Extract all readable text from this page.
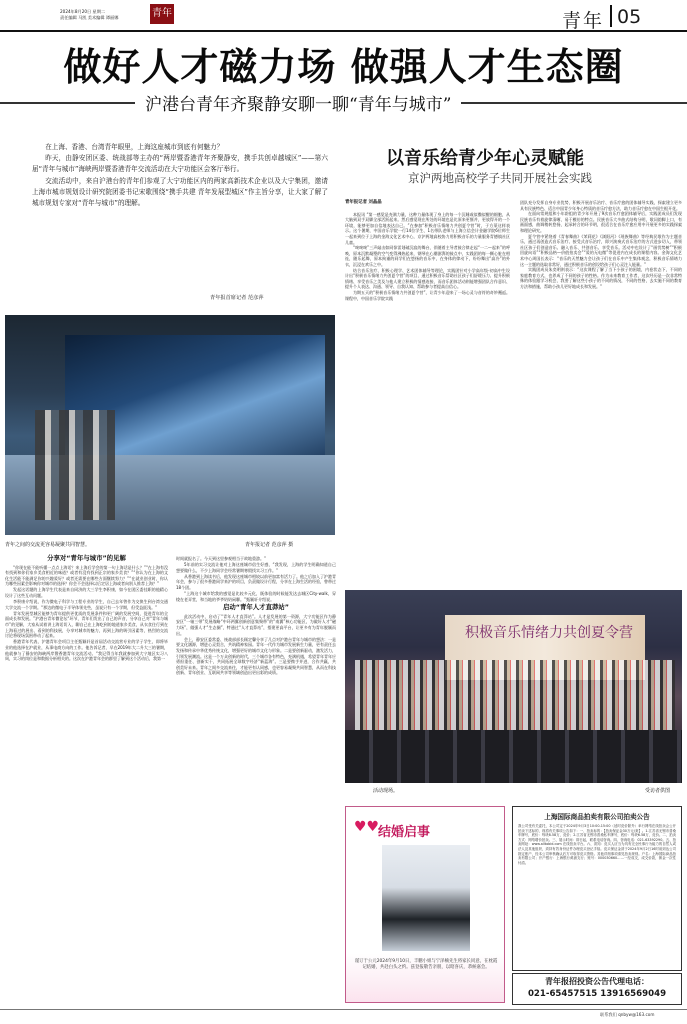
2024年8月20日 星期二
责任编辑 马凯 美术编辑 谭丽娜	青年	青年 05
做好人才磁力场 做强人才生态圈
沪港台青年齐聚静安聊一聊“青年与城市”

在上海、香港、台湾青年眼里，上海这座城市到底有何魅力？

昨天，由静安团区委、统战部等主办的“两岸暨香港青年齐聚静安，携手共创卓越城区”——第六届“青年与城市”海峡两岸暨香港青年交流活动在大宁功能区会客厅举行。

交流活动中，来自沪港台的青年们参观了大宁功能区内的两家高新技术企业以及大宁集团，邀请上海市城市规划设计研究院团委书记宋歌围绕“携手共建 青年发展型城区”作主旨分享，让大家了解了城市规划专家对“青年与城市”的理解。

青年报首席记者 范彦萍
青年之间的交流更容易凝聚共同智慧。	青年报记者 范彦萍 摄
分享对“青年与城市”的见解

“你现在能不能听懂一点点上海话？来上海后学会的第一句上海话是什么？”“在上海有没有找到和你们家乡美食相近的味道？或者有没有找到正宗的家乡美食？”“你认为在上海的文化生活能不能满足你的兴趣爱好？或者还需要在哪些方面继续努力？”“在就业创业时，你认为哪些因素会影响你对城市的选择？你会不会选择以后定居上海或者向别人推荐上海？”

发起这话题的上海学生代表是来自同济的大三学生李积康，如今在团区委挂职的他精心设计了这些互动问题。

李积康介绍说，作为微电子科学与工程专业的学生，自己去年曾作为交换生到台湾交通大学交流一个学期。“那边的微电子半导体领先些，虽说只有一个学期，但受益匪浅。”

青年发展型城区能够为青年提供更优质的发展条件和更广阔的发展空间，促进青年的全面成长和发展。”沪港台青年微论坛“环节，青年们发出了自己的声音，分享自己对“青年与城市”的见解，大家从试着讲上海话切入，聊自己在上海吃到的地道家乡美食，从衣食住行到在上海看过的展出、看到的科技展，分享对城市的魅力，再到上海的吸引因素等，热烈的交流讨论将现场氛围带动了起来。

香港青年代表、沪港青年会项目主任甄颖轩是首届活动交流营专业的学子学生，即将毕业的他选择在沪就业，从事电商方向的工作。他告诉记者，早在2019年大二升大三的暑期，他就参与了静安的海峡两岸暨香港青年交流活动。“我记得当年我就参加到大宁地区实习八周，实习的岗位是和数据分析相关的。这次在沪港青年会的群里了解到这个活动后，我第一

时间就报名了。今天到这里参观相当于故地重游。”

5年前的实习交流让他对上海这座城市倍生好感，“我发现，上海的学生明确知道自己想要做什么，不少上海同学会经常暑期寒假找实习工作。”

从香港到上海读书后，他发现这座城市相较以前更加富有活力了。他之后加入了沪港青年会，参与了很多香港同学来沪的项目，负责做设计行程，分享在上海生活的经验，曾带过18个团。

“上海这个城市给我的感觉是比较多元化，既体验的时候能发达去城区City-walk，穿梭在老弄堂，和当地的爷爷奶奶闲聊。”甄颖轩介绍说。

启动“青年人才直莽站”

此次活动中，启动了“青年人才直莽站”。人才是发展的第一资源，大宁功能区作为静安区“一轴三带”发展战略“中环两翼创新创意集聚带”的“南翼”核心功能区，为做好人才“磁力场”，做强人才“生态圈”，特通过“人才直莽站”，搭建更高平台，让更多有为青年脱颖而出。

会上，静安区委常委、统战部部长顾定馨分享了几点对沪港台青年与城市的想法：一是要文化涵源，增进心灵契合，共筑精神家园。青年一代作为城市发展新生力量，更有责任去发扬和传承中华优秀传统文化，增强更好的城市文化与形象。二是要创新驱动，激发活力，引领发展潮流。这是一个万众创新的时代，三个城市各有特色，充满机遇，希望青年青年应勇担重任、创新实干，共同拓展全球数字经济“新蓝海”。三是要携手并进，合作共赢，共创美好未来。青年之间多交流来往，才能更有认同感，也更容易凝聚共同智慧，从而在科技创新、青年创业、互联网共享等领域创造出更出彩的成绩。

以音乐给青少年心灵赋能
京沪两地高校学子共同开展社会实践
青年报记者 刘晶晶

本报讯 “第一感觉是充满力量，这种力量体现了身上的每一个沉睡或似撒似醒的细胞，从大脑到双手双脚全部活跃起来。然后感觉现在所处的环境也是比原来更惬并，更放得开的一个环境，能够更加自信地表达自己。”在参加“积极音乐情绪力共创夏令营”时，于方莱这样表示。这个暑期，中国音乐学院一行14位学生、1名带队老师与上海立信会计金融学院6位师生一起来到位于上海的金海文化艺术中心，京沪两地高校协力用积极音乐的力量服务青德镇社区儿童。

“咚咚咚”三声敲击如同惊雷划破沉寂的舞台，伴随着主导者鼓合律走起“一二—起来”的呼唤，原本沉默凝塑的空气变得沸热起来，钢琴在心潮澎湃的鼓点中，实践团的每一颗心脏在相连，随乐起舞，原本拘谨的同学们在悠扬的音乐中，在身体的律动下，纷纷舞出“高冷”的外衣，沉浸在欢乐之中。

结合音乐治疗、积极心理学、艺术团体辅导等理论，实践团针对小学高年级-初高中生设计出“积极音乐情绪力共创夏令营”的项目，通过积极音乐帮助社区孩子们舒缓压力、提升积极情绪、享受音乐之美及与他人建立积极的情感连接，而音乐团体活动则能增强团队合作意识、提升个人表达、沟通、领导、自我认知、帮助参与者提高自信心。

为期五天的“积极音乐情绪力共创夏令营”，让青少年迎来了一场心灵与音符的奇妙邂逅。课程中，中国音乐学院实践

团队充分发挥自身专业优势，积极开展音乐治疗、音乐疗愈的团体辅导实践，探索建立更多具有民族特色、适合中国青少年身心特质的音乐疗愈方法，助力音乐疗愈在中国生根开花。

在面向常规组和小年龄组的青少年开展了9次音乐疗愈团体辅导后，实践团成员们发现民族音乐有着旋律清晰、易于模仿的特点。民族音乐大多曲式结构分明，歌词韵脚上口，有画面感，曲调稍转悠扬，起承转合的环节明，很适合在音乐疗愈应用中开展更多的实践探索和理论研究。

夏令营中紧绕着《青春舞曲》《茉莉花》《浏阳河》《瑶族舞曲》等经典民歌作为主题音乐，通过再创造式音乐治疗、接受式音乐治疗，即兴演奏式音乐治疗的方式进步切入，带领社区孩子们创造音乐、融入音乐、共创音乐、享受音乐。活动中也设计了“画忧势树”“积极回旋向语”“积极品格—价值拍卖会”“爱的无电微”等促进内在成长的课程内容。金海文化艺术中心周国长表示：“音乐的天然魅力会让孩子们在音乐中产生集体观念，积极音乐情绪力这一主题的选取非常好，通过积极音乐的创设给孩子们心灵注入能量。”

实践团成员朱奕明则表示：“这次课程了解了当下小孩子的困境，内卷状态下，不同的家庭教育方式，也养成了不同的孩子的性格。作为未来教育工作者，这次经历是一次非常特殊的体验跟学习机会，我要了解这些小孩子的不同的情况，不同的性格，去实施不同的教育方法和措施，帮助小孩儿更好地成长和发展。”

积极音乐情绪力共创夏令营
活动现场。	受访者供图
♥♥
结婚启事
谨订于公元2024年9月10日，丰鹏小姐与宁泽楠先生将家长同意，在枕霞记结婚，共赴白头之约。兹登报敬告亲朋，以昭喜庆，恭候嘉会。
上海国际商品拍卖有限公司拍卖公告
我公司受有关委托，本公司定于2024年9月3日10:00-15:00（延时竞价除外）举行网络在线拍卖会公开拍卖下述标的，现将有关事项公告如下：一、拍卖标的：【拍卖保证金30万元/套】。1.江苏省无锡市普桑车牌号，底价：每块8.58万，竞价；2.江苏省无锡市普桑私车牌号，底价：每块6.58万，竞价。二、拍卖方式：网络增价拍卖。三、展示时间：即日起，联系电话咨询。四、咨询电话：021-63392290。五、拍卖网址：www.alltobid.com 在线拍卖平台。六、须知：竞买人应当为具有完全民事行为能力的自然人或法人及其他组织，须持有效身份证件办理竞买登记手续。竞买保证金须于2024年9月2日16时前到达公司指定账户，经本公司审核确认后方可取得竞买资格。其他详细事项请见拍卖规则。户名：上海国际商品拍卖有限公司；开户银行：上海银行黄浦支行；账号：000030660……一经成交，成交价款，佣金一次性付清。
青年报招投资公告代理电话：
021-65457515 13916569049
联系我们 qnbyw@163.com
